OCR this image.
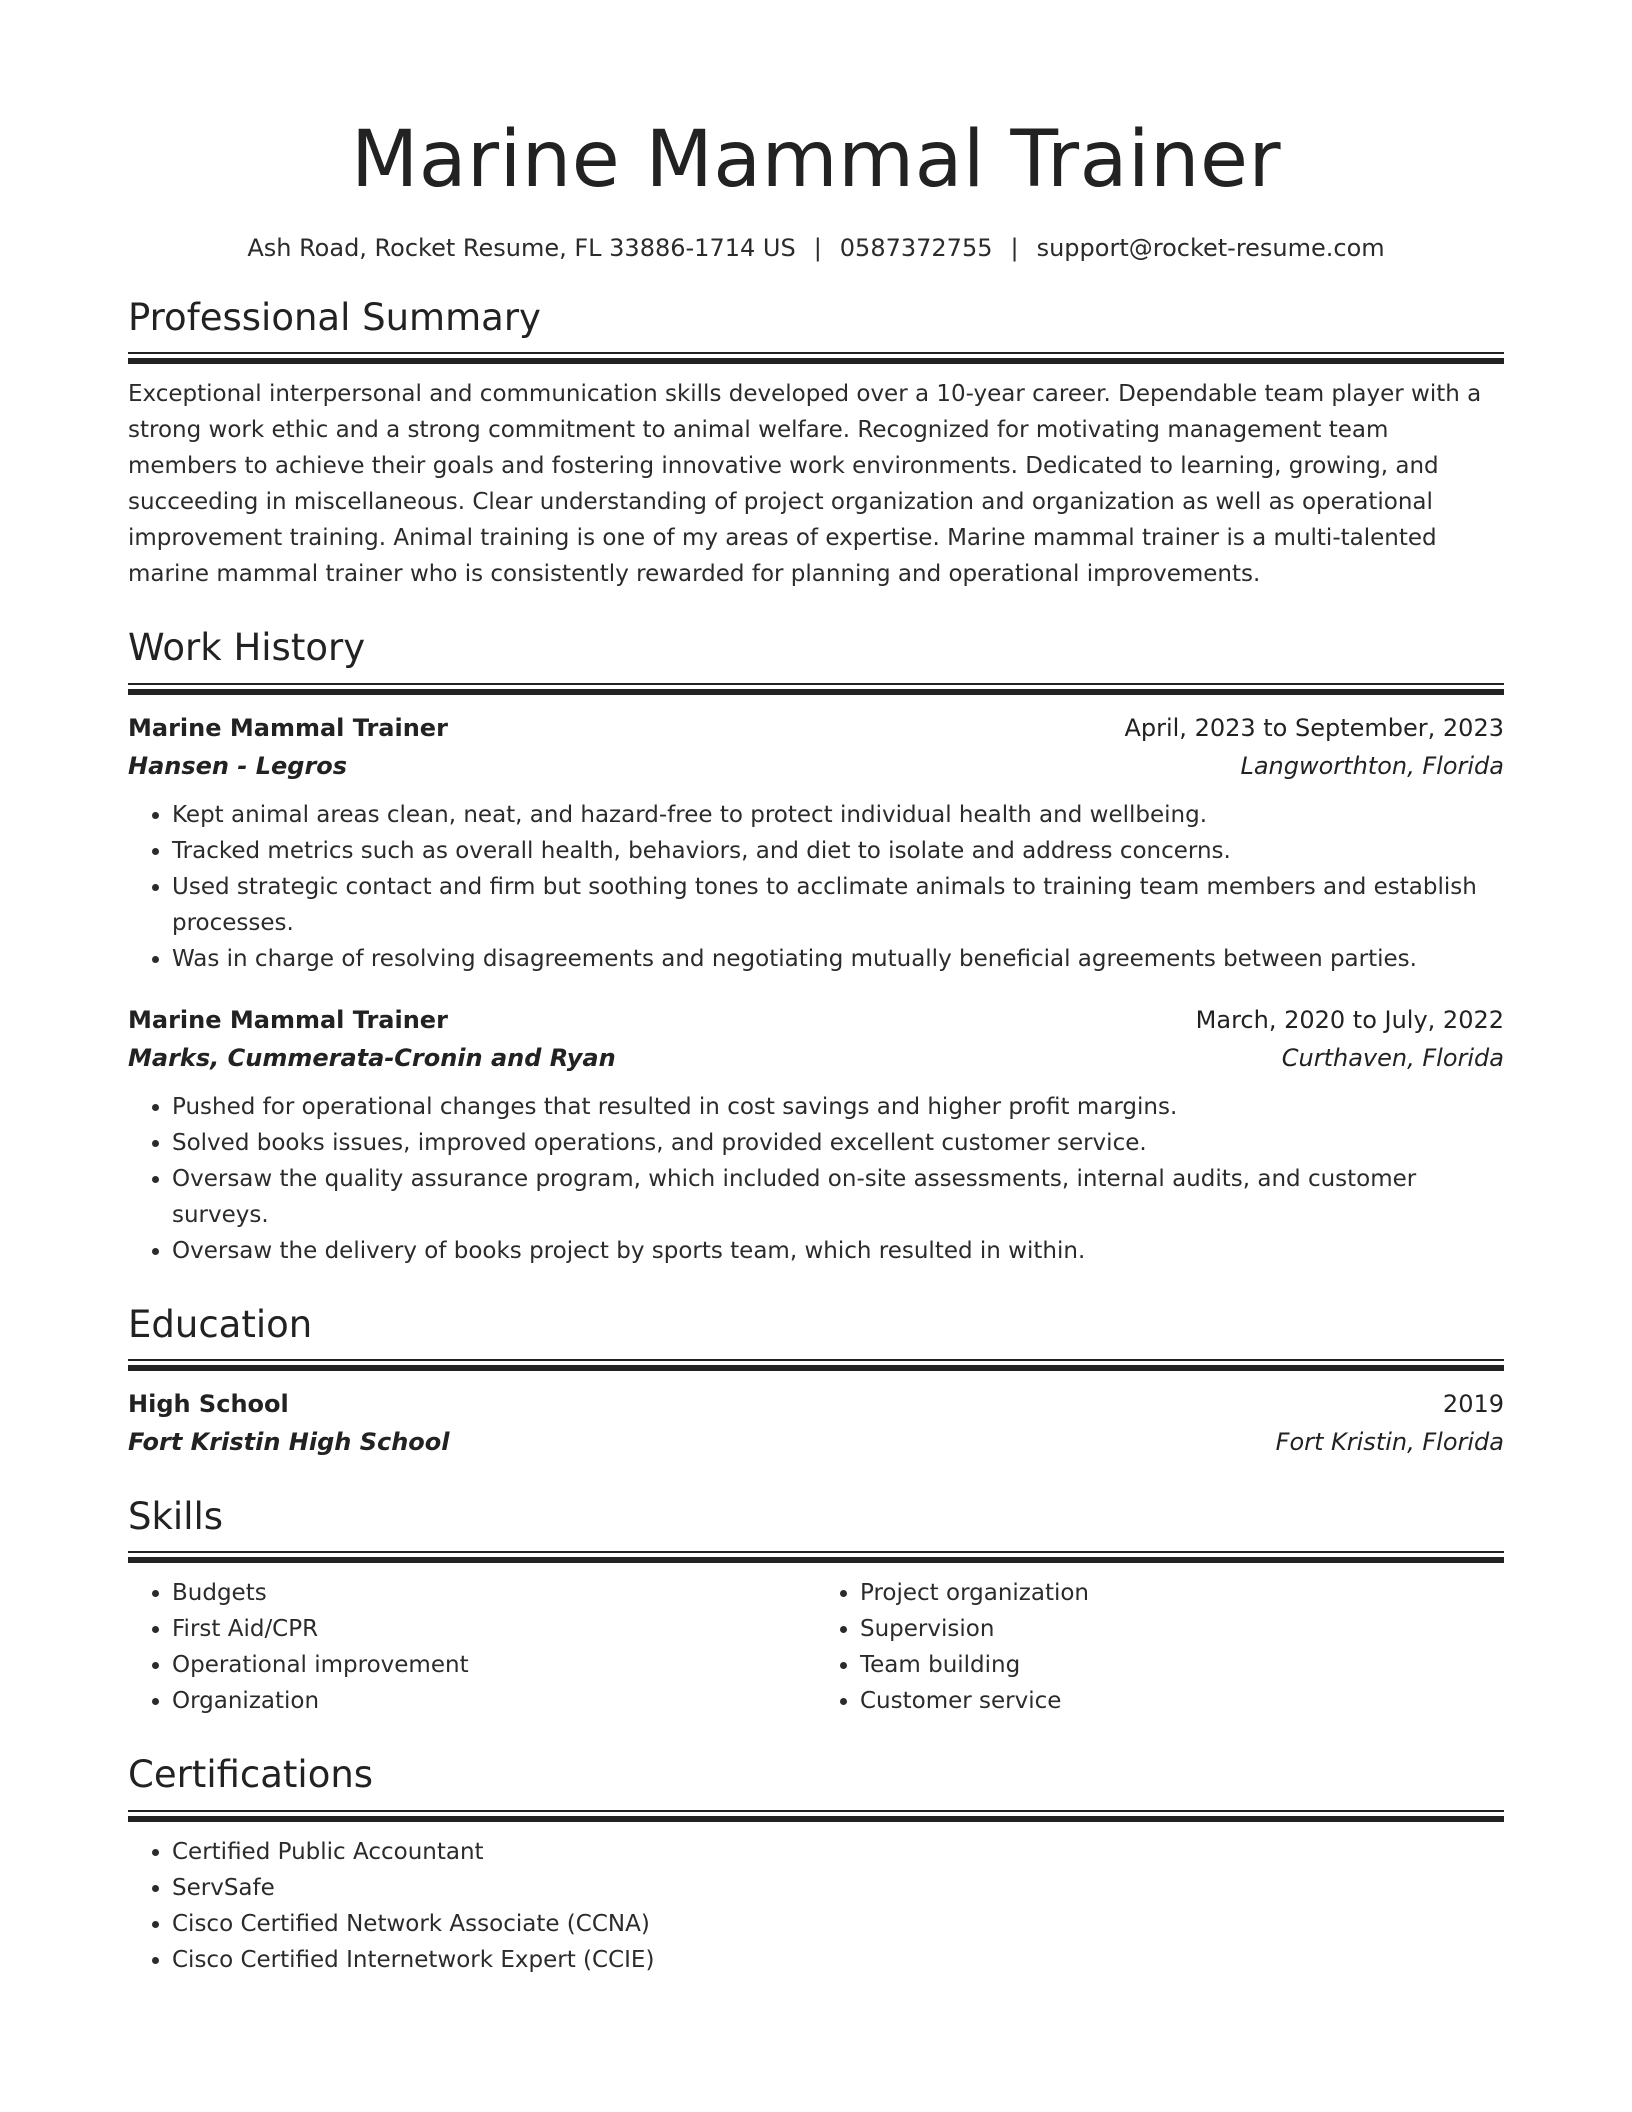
Marine Mammal Trainer
Ash Road, Rocket Resume, FL 33886-1714 US | 0587372755 | support@rocket-resume.com
Professional Summary
Exceptional interpersonal and communication skills developed over a 10-year career. Dependable team player with a strong work ethic and a strong commitment to animal welfare. Recognized for motivating management team members to achieve their goals and fostering innovative work environments. Dedicated to learning, growing, and succeeding in miscellaneous. Clear understanding of project organization and organization as well as operational improvement training. Animal training is one of my areas of expertise. Marine mammal trainer is a multi-talented marine mammal trainer who is consistently rewarded for planning and operational improvements.
Work History
Marine Mammal Trainer	April, 2023 to September, 2023
Hansen - Legros	Langworthton, Florida
• Kept animal areas clean, neat, and hazard-free to protect individual health and wellbeing.
• Tracked metrics such as overall health, behaviors, and diet to isolate and address concerns.
• Used strategic contact and firm but soothing tones to acclimate animals to training team members and establish processes.
• Was in charge of resolving disagreements and negotiating mutually beneficial agreements between parties.
Marine Mammal Trainer	March, 2020 to July, 2022
Marks, Cummerata-Cronin and Ryan	Curthaven, Florida
• Pushed for operational changes that resulted in cost savings and higher profit margins.
• Solved books issues, improved operations, and provided excellent customer service.
• Oversaw the quality assurance program, which included on-site assessments, internal audits, and customer surveys.
• Oversaw the delivery of books project by sports team, which resulted in within.
Education
High School	2019
Fort Kristin High School	Fort Kristin, Florida
Skills
• Budgets
• First Aid/CPR
• Operational improvement
• Organization
• Project organization
• Supervision
• Team building
• Customer service
Certifications
• Certified Public Accountant
• ServSafe
• Cisco Certified Network Associate (CCNA)
• Cisco Certified Internetwork Expert (CCIE)
